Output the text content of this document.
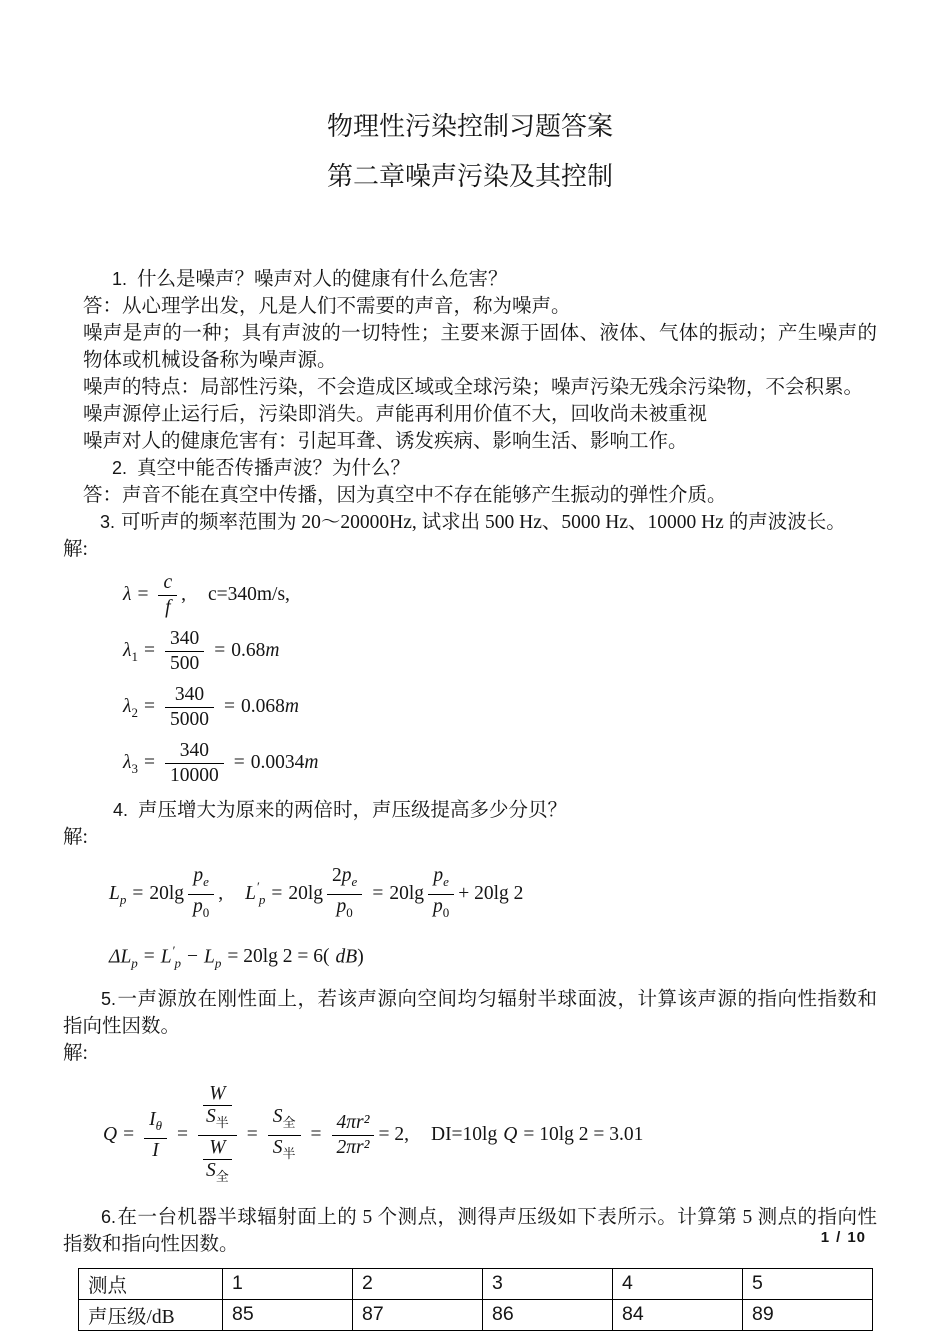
物理性污染控制习题答案
第二章噪声污染及其控制

1. 什么是噪声？噪声对人的健康有什么危害？

答：从心理学出发，凡是人们不需要的声音，称为噪声。

噪声是声的一种；具有声波的一切特性；主要来源于固体、液体、气体的振动；产生噪声的物体或机械设备称为噪声源。

噪声的特点：局部性污染，不会造成区域或全球污染；噪声污染无残余污染物，不会积累。

噪声源停止运行后，污染即消失。声能再利用价值不大，回收尚未被重视

噪声对人的健康危害有：引起耳聋、诱发疾病、影响生活、影响工作。

2. 真空中能否传播声波？为什么？

答：声音不能在真空中传播，因为真空中不存在能够产生振动的弹性介质。

3. 可听声的频率范围为 20～20000Hz, 试求出 500 Hz、5000 Hz、10000 Hz 的声波波长。

解:

$\lambda = \frac{c}{f}$ , c=340m/s,
$\lambda_1 = \frac{340}{500} = 0.68m$
$\lambda_2 = \frac{340}{5000} = 0.068m$
$\lambda_3 = \frac{340}{10000} = 0.0034m$

4. 声压增大为原来的两倍时，声压级提高多少分贝？

解:

$L_p = 20\lg \frac{p_e}{p_0}$ , $L'_p = 20\lg \frac{2p_e}{p_0} = 20\lg \frac{p_e}{p_0} + 20\lg$ 2
$\Delta L_p = L'_p - L_p = 20\lg$ 2 = 6( dB)

5.一声源放在刚性面上，若该声源向空间均匀辐射半球面波，计算该声源的指向性指数和指向性因数。

解:

$Q = \frac{I_\theta}{I} = \frac{\frac{W}{S_半}}{\frac{W}{S_全}} = \frac{S_全}{S_半} = \frac{\text{4πr²}}{\text{2πr²}} = 2$, DI=10lg Q = 10lg 2 = 3.01

6.在一台机器半球辐射面上的 5 个测点，测得声压级如下表所示。计算第 5 测点的指向性指数和指向性因数。

测点	1	2	3	4	5
声压级/dB	85	87	86	84	89
1 / 10
